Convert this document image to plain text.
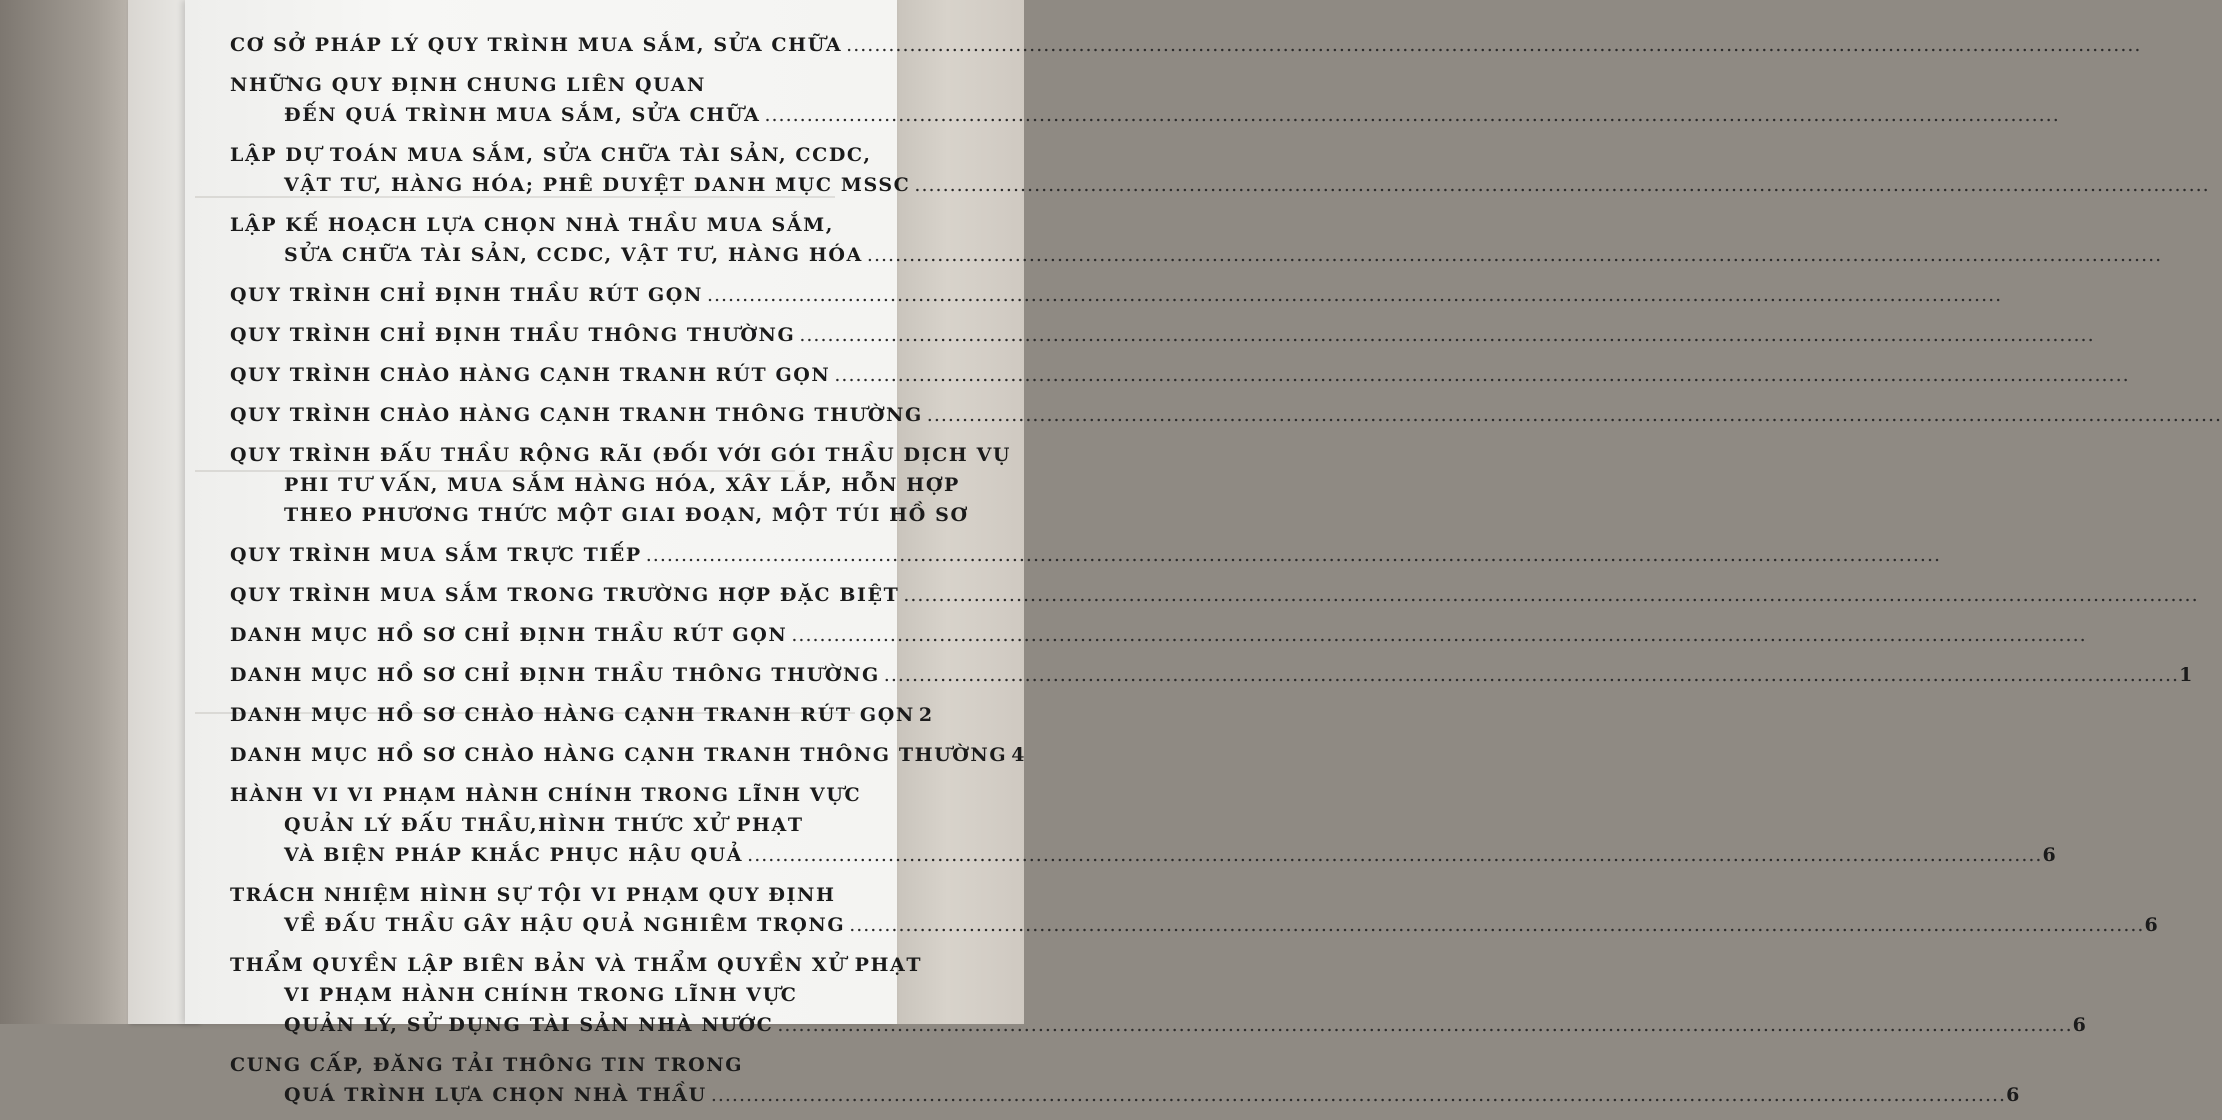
CƠ SỞ PHÁP LÝ QUY TRÌNH MUA SẮM, SỬA CHỮA
.....
NHỮNG QUY ĐỊNH CHUNG LIÊN QUAN
ĐẾN QUÁ TRÌNH MUA SẮM, SỬA CHỮA
.....
LẬP DỰ TOÁN MUA SẮM, SỬA CHỮA TÀI SẢN, CCDC,
VẬT TƯ, HÀNG HÓA; PHÊ DUYỆT DANH MỤC MSSC
.....
LẬP KẾ HOẠCH LỰA CHỌN NHÀ THẦU MUA SẮM,
SỬA CHỮA TÀI SẢN, CCDC, VẬT TƯ, HÀNG HÓA
.....
QUY TRÌNH CHỈ ĐỊNH THẦU RÚT GỌN
.....
QUY TRÌNH CHỈ ĐỊNH THẦU THÔNG THƯỜNG
.....
QUY TRÌNH CHÀO HÀNG CẠNH TRANH RÚT GỌN
.....
QUY TRÌNH CHÀO HÀNG CẠNH TRANH THÔNG THƯỜNG
.....
QUY TRÌNH ĐẤU THẦU RỘNG RÃI (ĐỐI VỚI GÓI THẦU DỊCH VỤ
PHI TƯ VẤN, MUA SẮM HÀNG HÓA, XÂY LẮP, HỖN HỢP
THEO PHƯƠNG THỨC MỘT GIAI ĐOẠN, MỘT TÚI HỒ SƠ
QUY TRÌNH MUA SẮM TRỰC TIẾP
.....
QUY TRÌNH MUA SẮM TRONG TRƯỜNG HỢP ĐẶC BIỆT
.....
DANH MỤC HỒ SƠ CHỈ ĐỊNH THẦU RÚT GỌN
.....
DANH MỤC HỒ SƠ CHỈ ĐỊNH THẦU THÔNG THƯỜNG .....	1
DANH MỤC HỒ SƠ CHÀO HÀNG CẠNH TRANH RÚT GỌN 2
DANH MỤC HỒ SƠ CHÀO HÀNG CẠNH TRANH THÔNG THƯỜNG 4
HÀNH VI VI PHẠM HÀNH CHÍNH TRONG LĨNH VỰC
QUẢN LÝ ĐẤU THẦU,HÌNH THỨC XỬ PHẠT
VÀ BIỆN PHÁP KHẮC PHỤC HẬU QUẢ .....	6
TRÁCH NHIỆM HÌNH SỰ TỘI VI PHẠM QUY ĐỊNH
VỀ ĐẤU THẦU GÂY HẬU QUẢ NGHIÊM TRỌNG .....	6
THẨM QUYỀN LẬP BIÊN BẢN VÀ THẨM QUYỀN XỬ PHẠT
VI PHẠM HÀNH CHÍNH TRONG LĨNH VỰC
QUẢN LÝ, SỬ DỤNG TÀI SẢN NHÀ NƯỚC .....	6
CUNG CẤP, ĐĂNG TẢI THÔNG TIN TRONG
QUÁ TRÌNH LỰA CHỌN NHÀ THẦU .....	6
